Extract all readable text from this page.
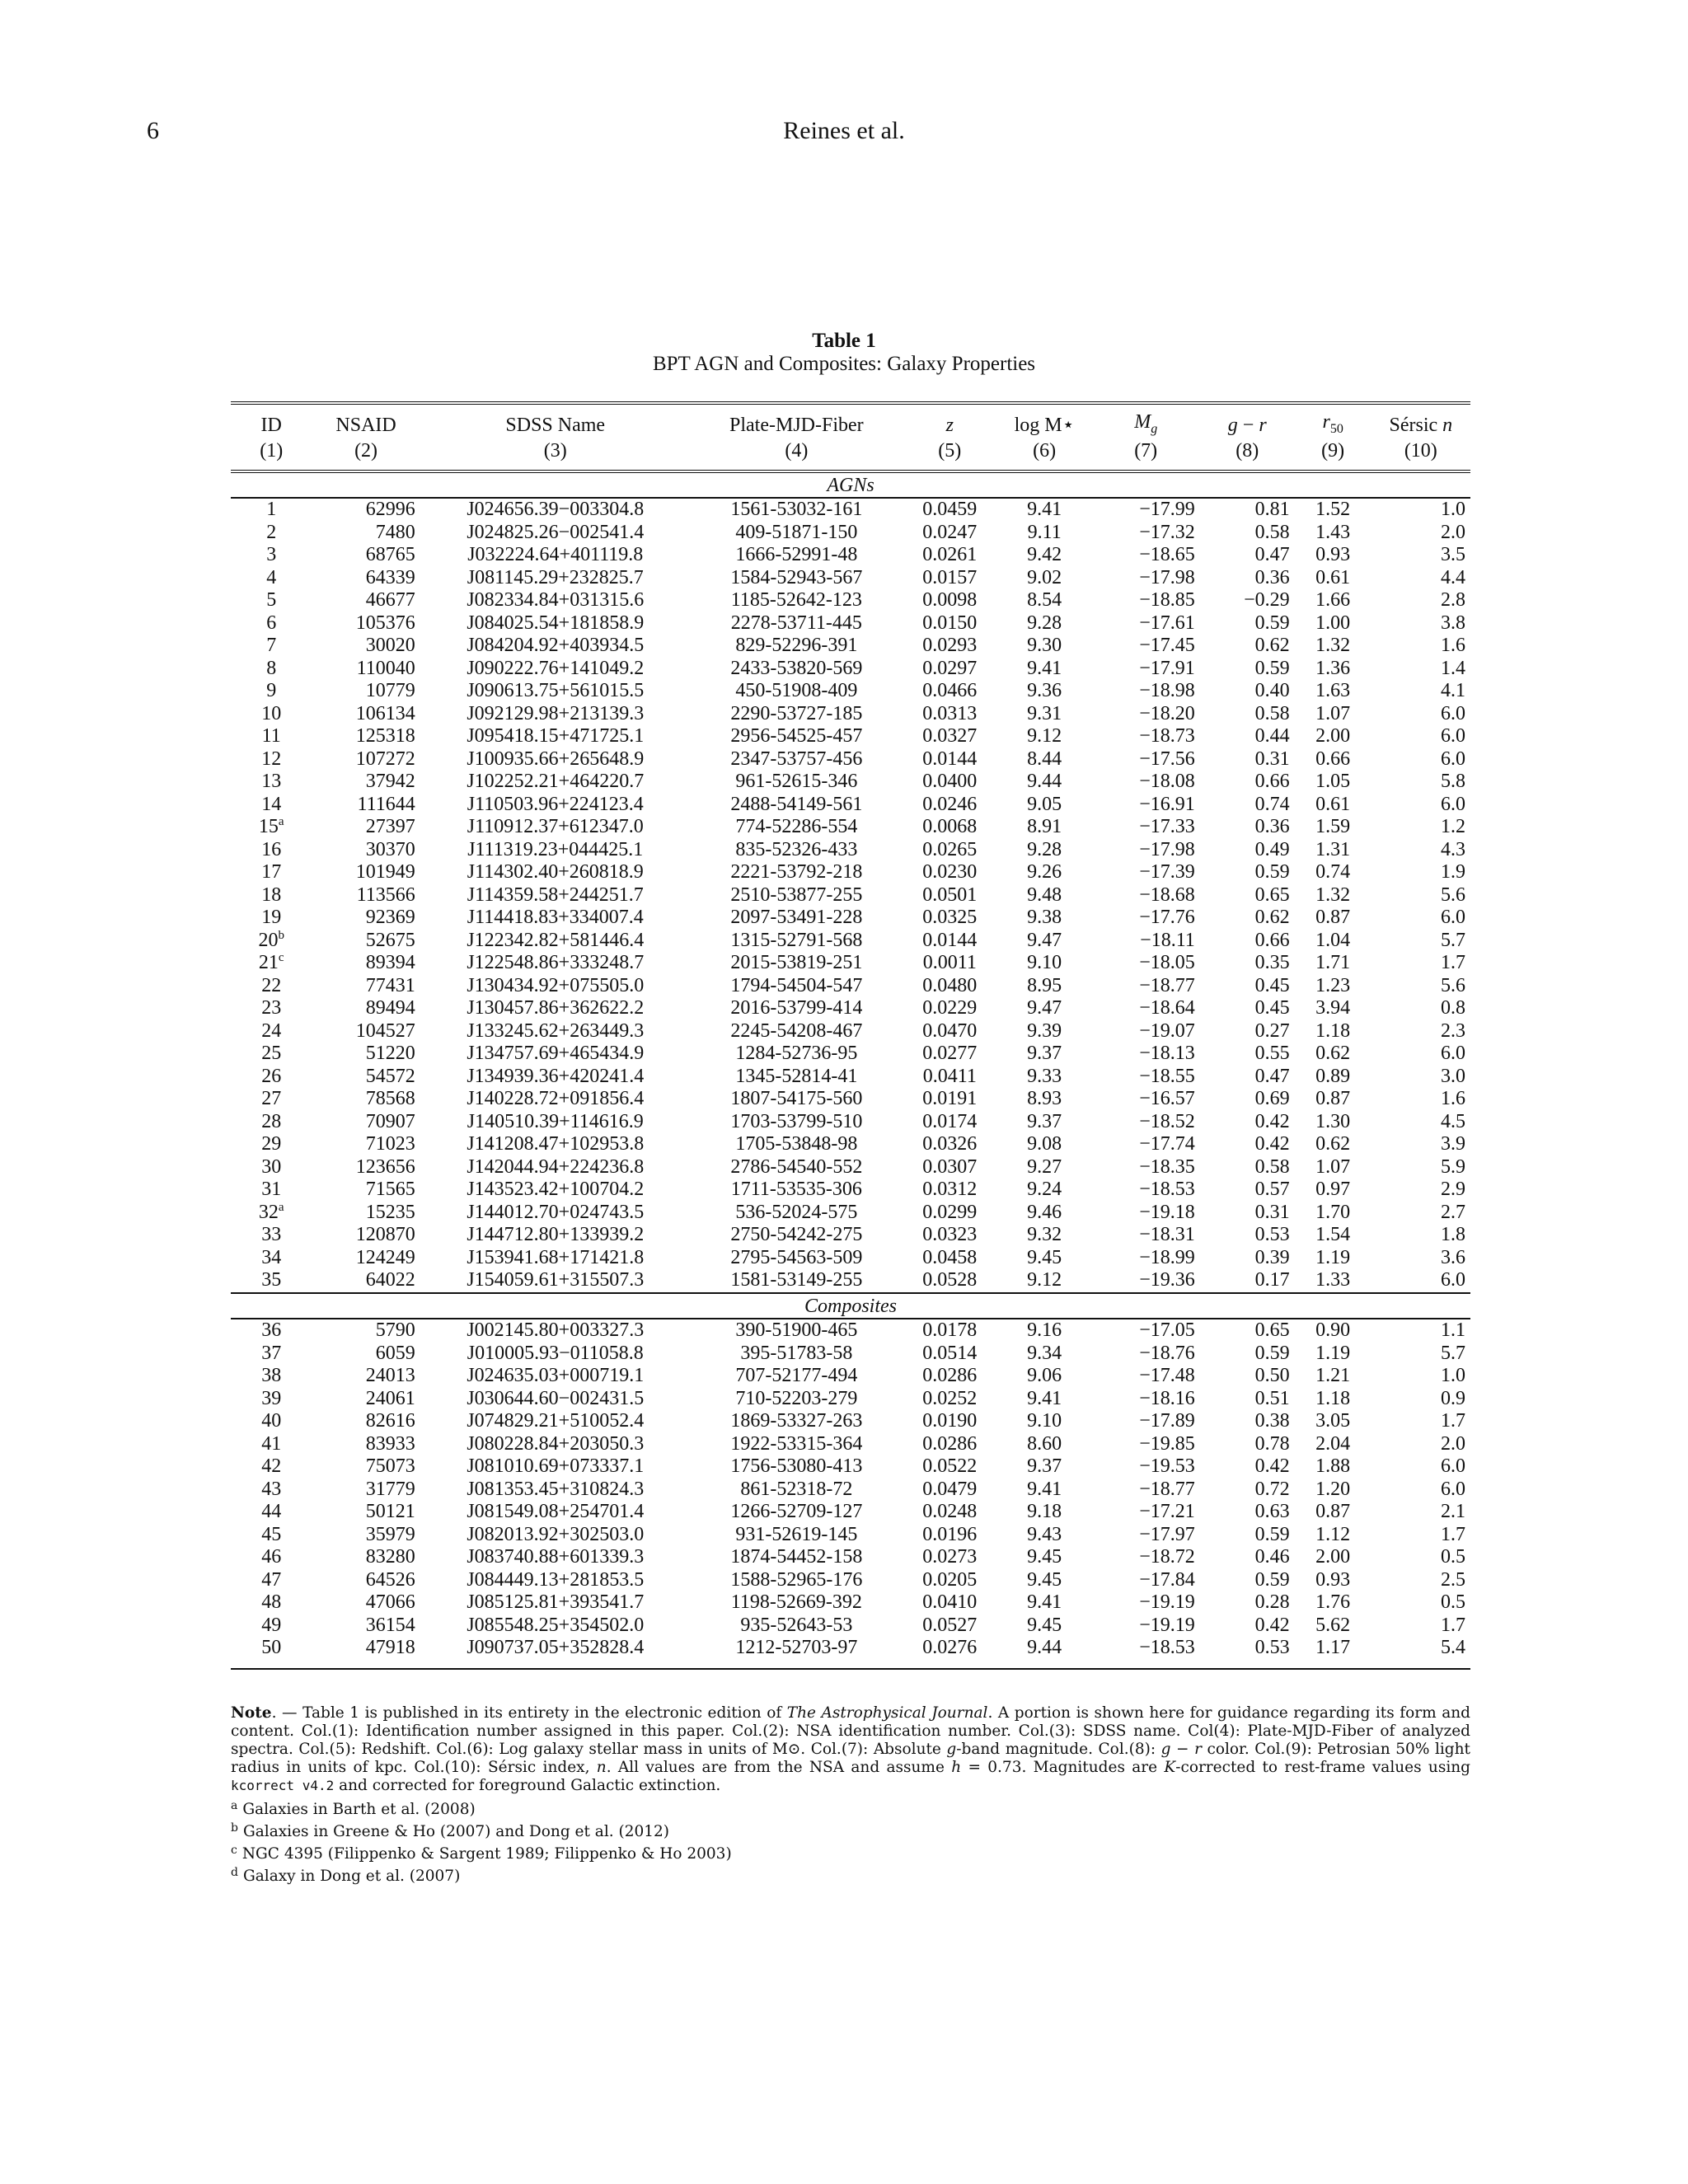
6	Reines et al.
Table 1
BPT AGN and Composites: Galaxy Properties
ID	NSAID	SDSS Name	Plate-MJD-Fiber	z	log M⋆	$M_g$	g − r	$r_{50}$	Sérsic n
(1)	(2)	(3)	(4)	(5)	(6)	(7)	(8)	(9)	(10)
AGNs									
1	62996	J024656.39−003304.8	1561-53032-161	0.0459	9.41	−17.99	0.81	1.52	1.0
2	7480	J024825.26−002541.4	409-51871-150	0.0247	9.11	−17.32	0.58	1.43	2.0
3	68765	J032224.64+401119.8	1666-52991-48	0.0261	9.42	−18.65	0.47	0.93	3.5
4	64339	J081145.29+232825.7	1584-52943-567	0.0157	9.02	−17.98	0.36	0.61	4.4
5	46677	J082334.84+031315.6	1185-52642-123	0.0098	8.54	−18.85	−0.29	1.66	2.8
6	105376	J084025.54+181858.9	2278-53711-445	0.0150	9.28	−17.61	0.59	1.00	3.8
7	30020	J084204.92+403934.5	829-52296-391	0.0293	9.30	−17.45	0.62	1.32	1.6
8	110040	J090222.76+141049.2	2433-53820-569	0.0297	9.41	−17.91	0.59	1.36	1.4
9	10779	J090613.75+561015.5	450-51908-409	0.0466	9.36	−18.98	0.40	1.63	4.1
10	106134	J092129.98+213139.3	2290-53727-185	0.0313	9.31	−18.20	0.58	1.07	6.0
11	125318	J095418.15+471725.1	2956-54525-457	0.0327	9.12	−18.73	0.44	2.00	6.0
12	107272	J100935.66+265648.9	2347-53757-456	0.0144	8.44	−17.56	0.31	0.66	6.0
13	37942	J102252.21+464220.7	961-52615-346	0.0400	9.44	−18.08	0.66	1.05	5.8
14	111644	J110503.96+224123.4	2488-54149-561	0.0246	9.05	−16.91	0.74	0.61	6.0
15$^a$	27397	J110912.37+612347.0	774-52286-554	0.0068	8.91	−17.33	0.36	1.59	1.2
16	30370	J111319.23+044425.1	835-52326-433	0.0265	9.28	−17.98	0.49	1.31	4.3
17	101949	J114302.40+260818.9	2221-53792-218	0.0230	9.26	−17.39	0.59	0.74	1.9
18	113566	J114359.58+244251.7	2510-53877-255	0.0501	9.48	−18.68	0.65	1.32	5.6
19	92369	J114418.83+334007.4	2097-53491-228	0.0325	9.38	−17.76	0.62	0.87	6.0
20$^b$	52675	J122342.82+581446.4	1315-52791-568	0.0144	9.47	−18.11	0.66	1.04	5.7
21$^c$	89394	J122548.86+333248.7	2015-53819-251	0.0011	9.10	−18.05	0.35	1.71	1.7
22	77431	J130434.92+075505.0	1794-54504-547	0.0480	8.95	−18.77	0.45	1.23	5.6
23	89494	J130457.86+362622.2	2016-53799-414	0.0229	9.47	−18.64	0.45	3.94	0.8
24	104527	J133245.62+263449.3	2245-54208-467	0.0470	9.39	−19.07	0.27	1.18	2.3
25	51220	J134757.69+465434.9	1284-52736-95	0.0277	9.37	−18.13	0.55	0.62	6.0
26	54572	J134939.36+420241.4	1345-52814-41	0.0411	9.33	−18.55	0.47	0.89	3.0
27	78568	J140228.72+091856.4	1807-54175-560	0.0191	8.93	−16.57	0.69	0.87	1.6
28	70907	J140510.39+114616.9	1703-53799-510	0.0174	9.37	−18.52	0.42	1.30	4.5
29	71023	J141208.47+102953.8	1705-53848-98	0.0326	9.08	−17.74	0.42	0.62	3.9
30	123656	J142044.94+224236.8	2786-54540-552	0.0307	9.27	−18.35	0.58	1.07	5.9
31	71565	J143523.42+100704.2	1711-53535-306	0.0312	9.24	−18.53	0.57	0.97	2.9
32$^a$	15235	J144012.70+024743.5	536-52024-575	0.0299	9.46	−19.18	0.31	1.70	2.7
33	120870	J144712.80+133939.2	2750-54242-275	0.0323	9.32	−18.31	0.53	1.54	1.8
34	124249	J153941.68+171421.8	2795-54563-509	0.0458	9.45	−18.99	0.39	1.19	3.6
35	64022	J154059.61+315507.3	1581-53149-255	0.0528	9.12	−19.36	0.17	1.33	6.0
Composites									
36	5790	J002145.80+003327.3	390-51900-465	0.0178	9.16	−17.05	0.65	0.90	1.1
37	6059	J010005.93−011058.8	395-51783-58	0.0514	9.34	−18.76	0.59	1.19	5.7
38	24013	J024635.03+000719.1	707-52177-494	0.0286	9.06	−17.48	0.50	1.21	1.0
39	24061	J030644.60−002431.5	710-52203-279	0.0252	9.41	−18.16	0.51	1.18	0.9
40	82616	J074829.21+510052.4	1869-53327-263	0.0190	9.10	−17.89	0.38	3.05	1.7
41	83933	J080228.84+203050.3	1922-53315-364	0.0286	8.60	−19.85	0.78	2.04	2.0
42	75073	J081010.69+073337.1	1756-53080-413	0.0522	9.37	−19.53	0.42	1.88	6.0
43	31779	J081353.45+310824.3	861-52318-72	0.0479	9.41	−18.77	0.72	1.20	6.0
44	50121	J081549.08+254701.4	1266-52709-127	0.0248	9.18	−17.21	0.63	0.87	2.1
45	35979	J082013.92+302503.0	931-52619-145	0.0196	9.43	−17.97	0.59	1.12	1.7
46	83280	J083740.88+601339.3	1874-54452-158	0.0273	9.45	−18.72	0.46	2.00	0.5
47	64526	J084449.13+281853.5	1588-52965-176	0.0205	9.45	−17.84	0.59	0.93	2.5
48	47066	J085125.81+393541.7	1198-52669-392	0.0410	9.41	−19.19	0.28	1.76	0.5
49	36154	J085548.25+354502.0	935-52643-53	0.0527	9.45	−19.19	0.42	5.62	1.7
50	47918	J090737.05+352828.4	1212-52703-97	0.0276	9.44	−18.53	0.53	1.17	5.4

Note. — Table 1 is published in its entirety in the electronic edition of The Astrophysical Journal. A portion is shown here for guidance regarding its form and content. Col.(1): Identification number assigned in this paper. Col.(2): NSA identification number. Col.(3): SDSS name. Col(4): Plate-MJD-Fiber of analyzed spectra. Col.(5): Redshift. Col.(6): Log galaxy stellar mass in units of M⊙. Col.(7): Absolute g-band magnitude. Col.(8): g − r color. Col.(9): Petrosian 50% light radius in units of kpc. Col.(10): Sérsic index, n. All values are from the NSA and assume h = 0.73. Magnitudes are K-corrected to rest-frame values using kcorrect v4.2 and corrected for foreground Galactic extinction.

$^a$ Galaxies in Barth et al. (2008)

$^b$ Galaxies in Greene & Ho (2007) and Dong et al. (2012)

$^c$ NGC 4395 (Filippenko & Sargent 1989; Filippenko & Ho 2003)

$^d$ Galaxy in Dong et al. (2007)
